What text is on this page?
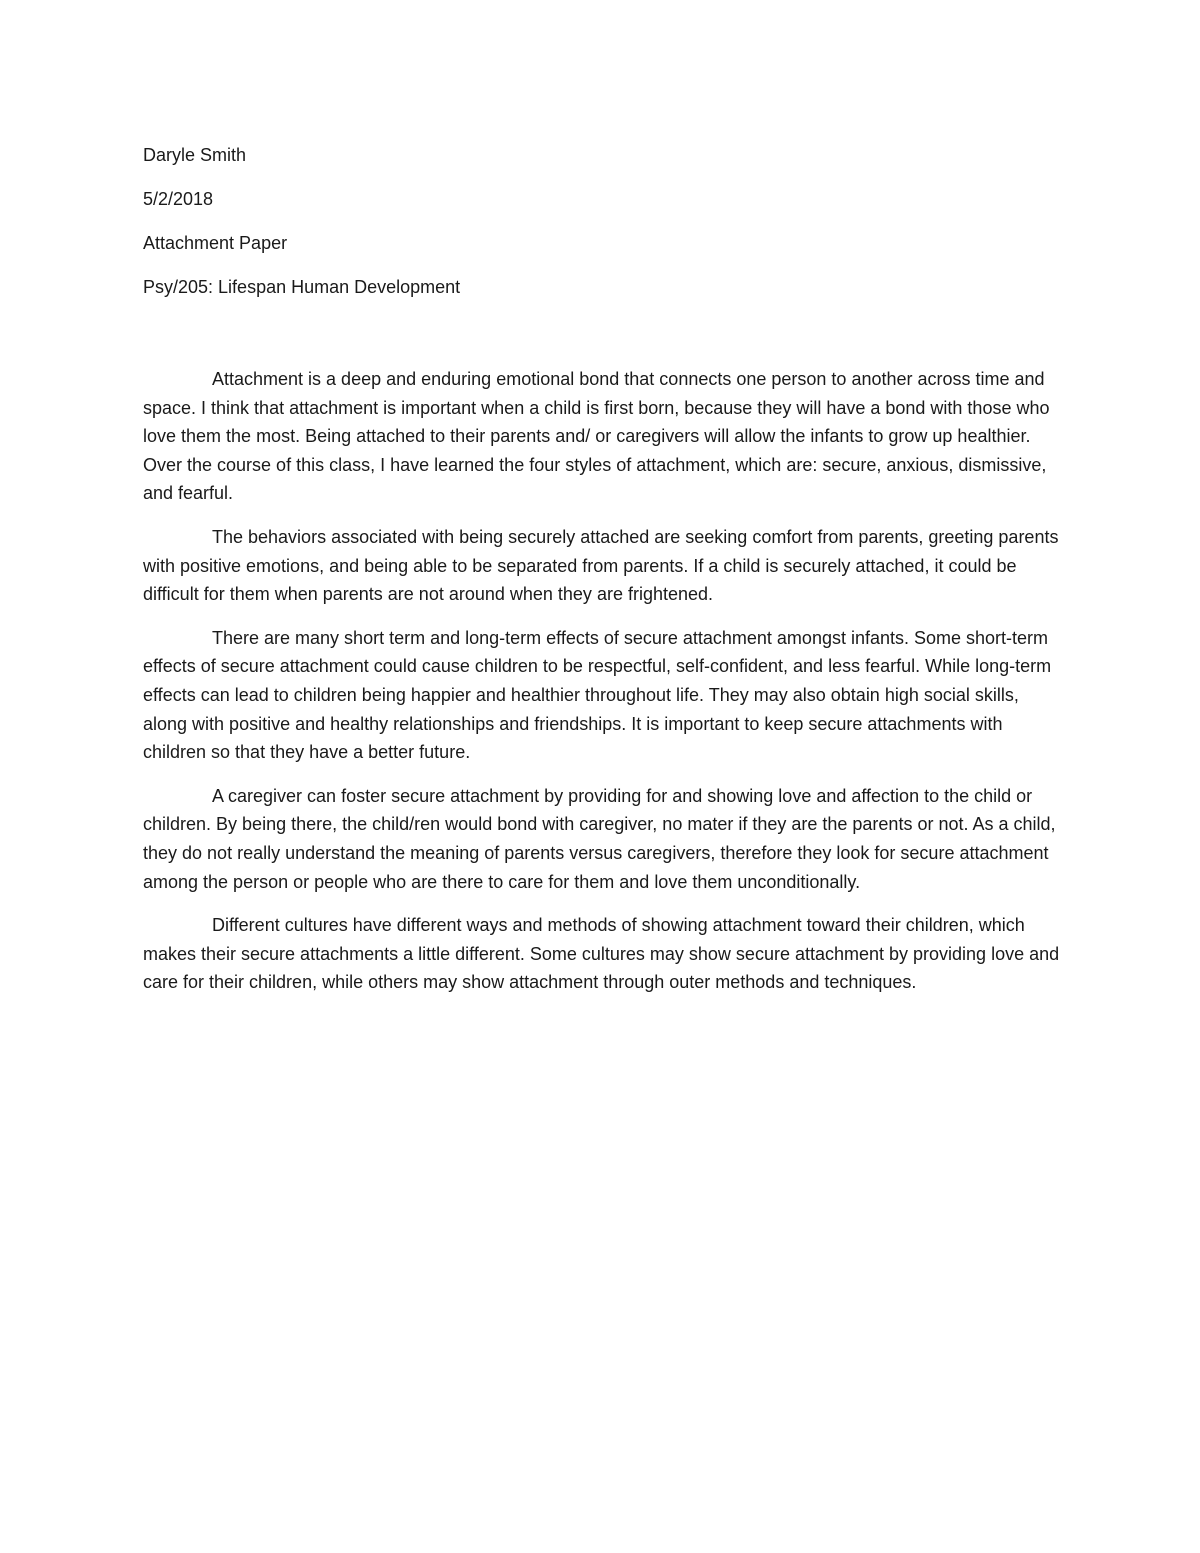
Daryle Smith

5/2/2018

Attachment Paper

Psy/205: Lifespan Human Development

Attachment is a deep and enduring emotional bond that connects one person to another across time and space. I think that attachment is important when a child is first born, because they will have a bond with those who love them the most. Being attached to their parents and/ or caregivers will allow the infants to grow up healthier. Over the course of this class, I have learned the four styles of attachment, which are: secure, anxious, dismissive, and fearful.

The behaviors associated with being securely attached are seeking comfort from parents, greeting parents with positive emotions, and being able to be separated from parents. If a child is securely attached, it could be difficult for them when parents are not around when they are frightened.

There are many short term and long-term effects of secure attachment amongst infants. Some short-term effects of secure attachment could cause children to be respectful, self-confident, and less fearful. While long-term effects can lead to children being happier and healthier throughout life. They may also obtain high social skills, along with positive and healthy relationships and friendships. It is important to keep secure attachments with children so that they have a better future.

A caregiver can foster secure attachment by providing for and showing love and affection to the child or children. By being there, the child/ren would bond with caregiver, no mater if they are the parents or not. As a child, they do not really understand the meaning of parents versus caregivers, therefore they look for secure attachment among the person or people who are there to care for them and love them unconditionally.

Different cultures have different ways and methods of showing attachment toward their children, which makes their secure attachments a little different. Some cultures may show secure attachment by providing love and care for their children, while others may show attachment through outer methods and techniques.
